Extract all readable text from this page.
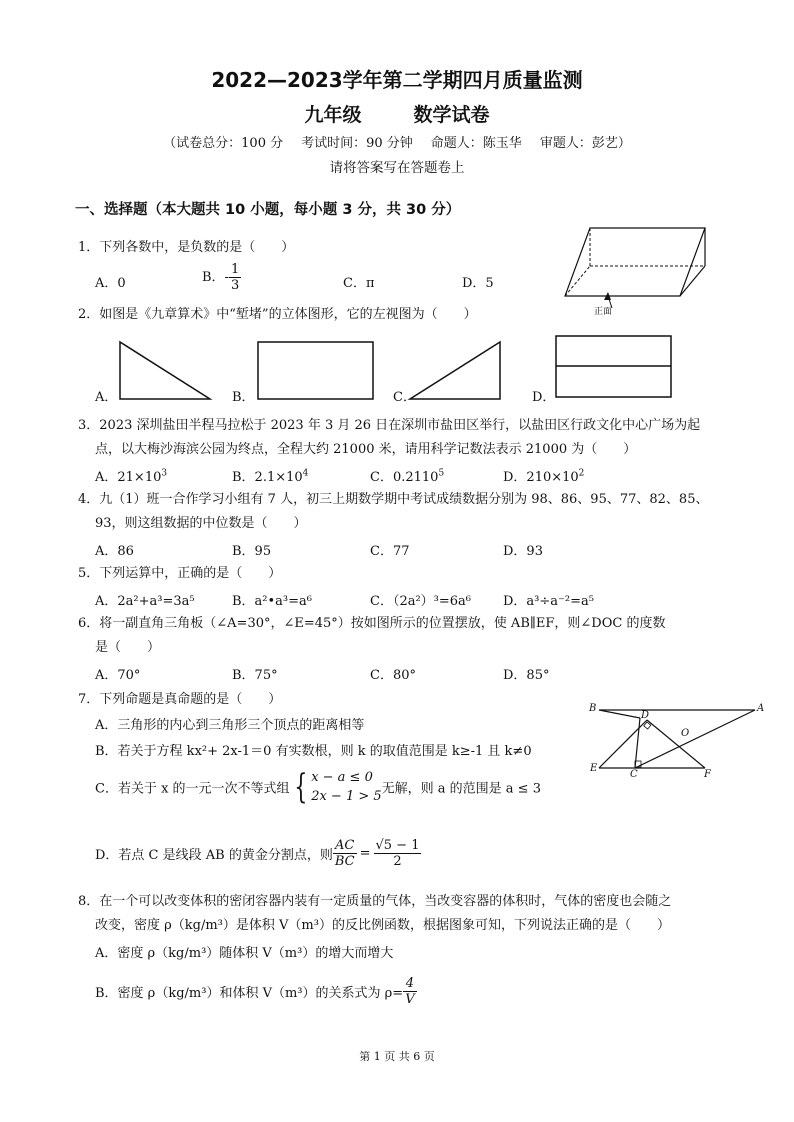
2022—2023学年第二学期四月质量监测
九年级	数学试卷
（试卷总分：100 分 考试时间：90 分钟 命题人：陈玉华 审题人：彭艺）
请将答案写在答题卷上
一、选择题（本大题共 10 小题，每小题 3 分，共 30 分）
1．下列各数中，是负数的是（　　）
A．0	B．- $\frac{1}{3}$	C．π	D．5
正面
2．如图是《九章算术》中“堑堵”的立体图形，它的左视图为（　　）
A．	B．	C．	D．
3．2023 深圳盐田半程马拉松于 2023 年 3 月 26 日在深圳市盐田区举行，以盐田区行政文化中心广场为起
点，以大梅沙海滨公园为终点，全程大约 21000 米，请用科学记数法表示 21000 为（　　）
A．$21\times 10^3$	B．$2.1\times 10^4$	C．0.2110$^5$	D．$210\times 10^2$
4．九（1）班一合作学习小组有 7 人，初三上期数学期中考试成绩数据分别为 98、86、95、77、82、85、
93，则这组数据的中位数是（　　）
A．86	B．95	C．77	D．93
5．下列运算中，正确的是（　　）
A．2a²+a³=3a⁵	B．a²•a³=a⁶	C．（2a²）³=6a⁶ D．a³÷a⁻²=a⁵
6．将一副直角三角板（∠A=30°，∠E=45°）按如图所示的位置摆放，使 AB∥EF，则∠DOC 的度数
是（　　）
A．70°	B．75°	C．80°	D．85°
B	A
D
O
E
C	F
7．下列命题是真命题的是（　　）
A．三角形的内心到三角形三个顶点的距离相等
B．若关于方程 kx²+ 2x-1＝0 有实数根，则 k 的取值范围是 k≥-1 且 k≠0
C．若关于 x 的一元一次不等式组 { x − a ≤ 0
2x − 1 > 5 无解，则 a 的范围是 a ≤ 3
D．若点 C 是线段 AB 的黄金分割点，则 $\frac{AC}{BC} = \frac{√5 - 1}{2}$
8．在一个可以改变体积的密闭容器内装有一定质量的气体，当改变容器的体积时，气体的密度也会随之
改变，密度 ρ（kg/m³）是体积 V（m³）的反比例函数，根据图象可知，下列说法正确的是（　　）
A．密度 ρ（kg/m³）随体积 V（m³）的增大而增大
B．密度 ρ（kg/m³）和体积 V（m³）的关系式为 $\rho= \frac{4}{V}$
第 1 页 共 6 页
